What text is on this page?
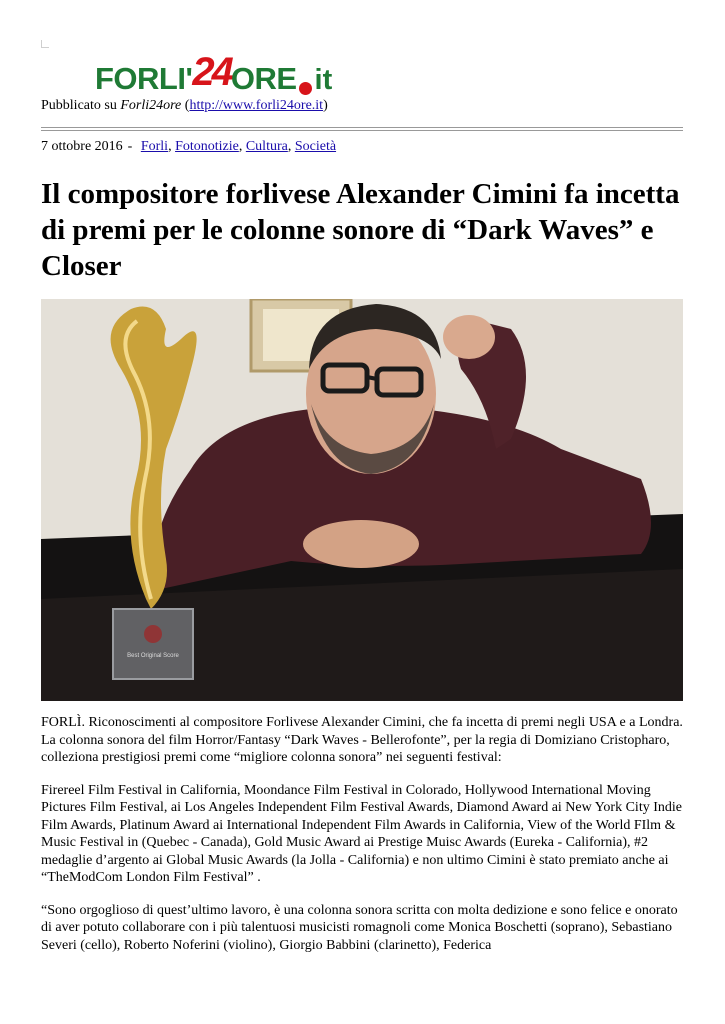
FORLI'24ORE it
Pubblicato su Forli24ore (http://www.forli24ore.it)
7 ottobre 2016 - Forli, Fotonotizie, Cultura, Società
Il compositore forlivese Alexander Cimini fa incetta di premi per le colonne sonore di “Dark Waves” e Closer
Best Original Score

FORLÌ. Riconoscimenti al compositore Forlivese Alexander Cimini, che fa incetta di premi negli USA e a Londra. La colonna sonora del film Horror/Fantasy “Dark Waves - Bellerofonte”, per la regia di Domiziano Cristopharo, colleziona prestigiosi premi come “migliore colonna sonora” nei seguenti festival:

Firereel Film Festival in California, Moondance Film Festival in Colorado, Hollywood International Moving Pictures Film Festival, ai Los Angeles Independent Film Festival Awards, Diamond Award ai New York City Indie Film Awards, Platinum Award ai International Independent Film Awards in California, View of the World FIlm & Music Festival in (Quebec - Canada), Gold Music Award ai Prestige Muisc Awards (Eureka - California), #2 medaglie d’argento ai Global Music Awards (la Jolla - California) e non ultimo Cimini è stato premiato anche ai “TheModCom London Film Festival” .

“Sono orgoglioso di quest’ultimo lavoro, è una colonna sonora scritta con molta dedizione e sono felice e onorato di aver potuto collaborare con i più talentuosi musicisti romagnoli come Monica Boschetti (soprano), Sebastiano Severi (cello), Roberto Noferini (violino), Giorgio Babbini (clarinetto), Federica
